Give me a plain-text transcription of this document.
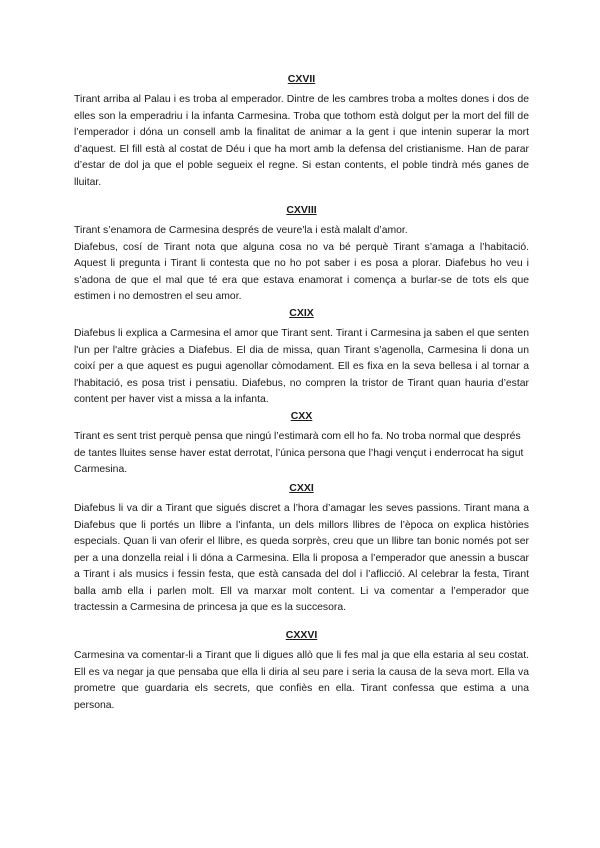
CXVII

Tirant arriba al Palau i es troba al emperador. Dintre de les cambres troba a moltes dones i dos de elles son la emperadriu i la infanta Carmesina. Troba que tothom està dolgut per la mort del fill de l’emperador i dóna un consell amb la finalitat de animar a la gent i que intenin superar la mort d’aquest. El fill està al costat de Déu i que ha mort amb la defensa del cristianisme. Han de parar d’estar de dol ja que el poble segueix el regne. Si estan contents, el poble tindrà més ganes de lluitar.

CXVIII

Tirant s’enamora de Carmesina després de veure'la i està malalt d’amor.

Diafebus, cosí de Tirant nota que alguna cosa no va bé perquè Tirant s’amaga a l’habitació. Aquest li pregunta i Tirant li contesta que no ho pot saber i es posa a plorar. Diafebus ho veu i s’adona de que el mal que té era que estava enamorat i comença a burlar-se de tots els que estimen i no demostren el seu amor.

CXIX

Diafebus li explica a Carmesina el amor que Tirant sent. Tirant i Carmesina ja saben el que senten l'un per l'altre gràcies a Diafebus. El dia de missa, quan Tirant s’agenolla, Carmesina li dona un coixí per a que aquest es pugui agenollar còmodament. Ell es fixa en la seva bellesa i al tornar a l'habitació, es posa trist i pensatiu. Diafebus, no compren la tristor de Tirant quan hauria d’estar content per haver vist a missa a la infanta.

CXX

Tirant es sent trist perquè pensa que ningú l’estimarà com ell ho fa. No troba normal que després de tantes lluites sense haver estat derrotat, l’única persona que l’hagi vençut i enderrocat ha sigut Carmesina.

CXXI

Diafebus li va dir a Tirant que sigués discret a l’hora d’amagar les seves passions. Tirant mana a Diafebus que li portés un llibre a l’infanta, un dels millors llibres de l’època on explica històries especials. Quan li van oferir el llibre, es queda sorprès, creu que un llibre tan bonic només pot ser per a una donzella reial i li dóna a Carmesina. Ella li proposa a l’emperador que anessin a buscar a Tirant i als musics i fessin festa, que està cansada del dol i l’aflicció. Al celebrar la festa, Tirant balla amb ella i parlen molt. Ell va marxar molt content. Li va comentar a l’emperador que tractessin a Carmesina de princesa ja que es la succesora.

CXXVI

Carmesina va comentar-li a Tirant que li digues allò que li fes mal ja que ella estaria al seu costat. Ell es va negar ja que pensaba que ella li diria al seu pare i seria la causa de la seva mort. Ella va prometre que guardaria els secrets, que confiès en ella. Tirant confessa que estima a una persona.
